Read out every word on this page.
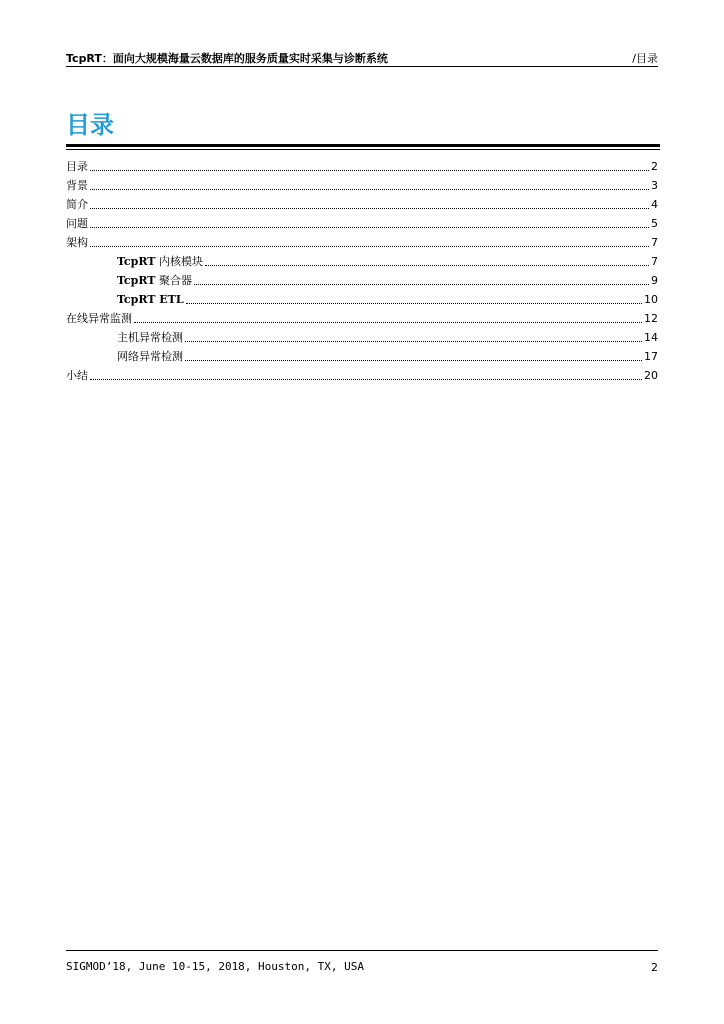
TcpRT：面向大规模海量云数据库的服务质量实时采集与诊断系统	/目录
目录
目录	2
背景	3
简介	4
问题	5
架构	7
TcpRT 内核模块	7
TcpRT 聚合器	9
TcpRT ETL	10
在线异常监测	12
主机异常检测	14
网络异常检测	17
小结	20
SIGMOD’18, June 10-15, 2018, Houston, TX, USA	2
